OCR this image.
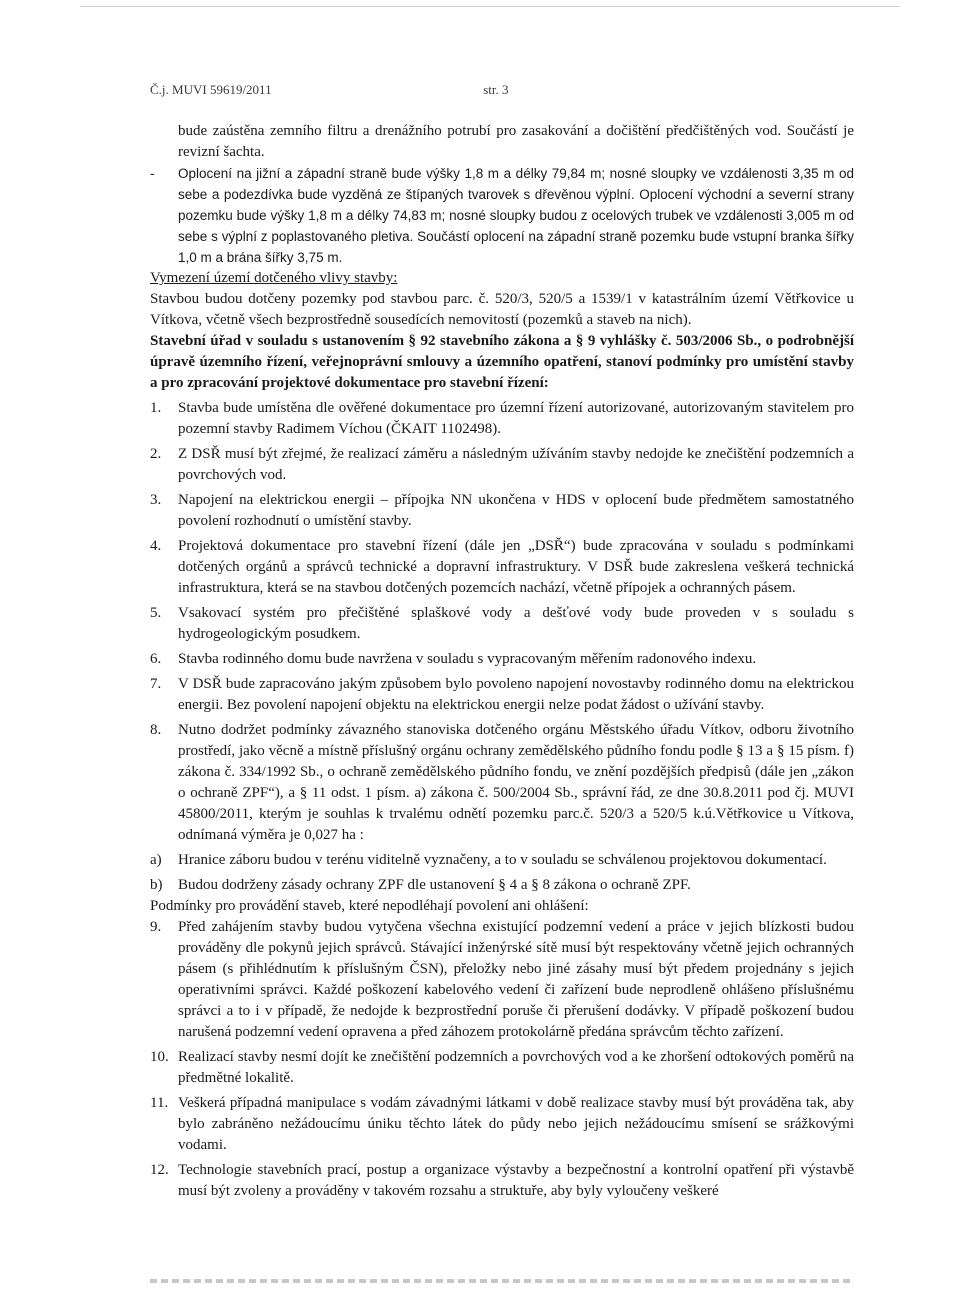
Č.j. MUVI 59619/2011	str. 3

bude zaústěna zemního filtru a drenážního potrubí pro zasakování a dočištění předčištěných vod. Součástí je revizní šachta.

- Oplocení na jižní a západní straně bude výšky 1,8 m a délky 79,84 m; nosné sloupky ve vzdálenosti 3,35 m od sebe a podezdívka bude vyzděná ze štípaných tvarovek s dřevěnou výplní. Oplocení východní a severní strany pozemku bude výšky 1,8 m a délky 74,83 m; nosné sloupky budou z ocelových trubek ve vzdálenosti 3,005 m od sebe s výplní z poplastovaného pletiva. Součástí oplocení na západní straně pozemku bude vstupní branka šířky 1,0 m a brána šířky 3,75 m.

Vymezení území dotčeného vlivy stavby:

Stavbou budou dotčeny pozemky pod stavbou parc. č. 520/3, 520/5 a 1539/1 v katastrálním území Větřkovice u Vítkova, včetně všech bezprostředně sousedících nemovitostí (pozemků a staveb na nich).

Stavební úřad v souladu s ustanovením § 92 stavebního zákona a § 9 vyhlášky č. 503/2006 Sb., o podrobnější úpravě územního řízení, veřejnoprávní smlouvy a územního opatření, stanoví podmínky pro umístění stavby a pro zpracování projektové dokumentace pro stavební řízení:

1. Stavba bude umístěna dle ověřené dokumentace pro územní řízení autorizované, autorizovaným stavitelem pro pozemní stavby Radimem Víchou (ČKAIT 1102498).
2. Z DSŘ musí být zřejmé, že realizací záměru a následným užíváním stavby nedojde ke znečištění podzemních a povrchových vod.
3. Napojení na elektrickou energii – přípojka NN ukončena v HDS v oplocení bude předmětem samostatného povolení rozhodnutí o umístění stavby.
4. Projektová dokumentace pro stavební řízení (dále jen „DSŘ“) bude zpracována v souladu s podmínkami dotčených orgánů a správců technické a dopravní infrastruktury. V DSŘ bude zakreslena veškerá technická infrastruktura, která se na stavbou dotčených pozemcích nachází, včetně přípojek a ochranných pásem.
5. Vsakovací systém pro přečištěné splaškové vody a dešťové vody bude proveden v s souladu s hydrogeologickým posudkem.
6. Stavba rodinného domu bude navržena v souladu s vypracovaným měřením radonového indexu.
7. V DSŘ bude zapracováno jakým způsobem bylo povoleno napojení novostavby rodinného domu na elektrickou energii. Bez povolení napojení objektu na elektrickou energii nelze podat žádost o užívání stavby.
8. Nutno dodržet podmínky závazného stanoviska dotčeného orgánu Městského úřadu Vítkov, odboru životního prostředí, jako věcně a místně příslušný orgánu ochrany zemědělského půdního fondu podle § 13 a § 15 písm. f) zákona č. 334/1992 Sb., o ochraně zemědělského půdního fondu, ve znění pozdějších předpisů (dále jen „zákon o ochraně ZPF“), a § 11 odst. 1 písm. a) zákona č. 500/2004 Sb., správní řád, ze dne 30.8.2011 pod čj. MUVI 45800/2011, kterým je souhlas k trvalému odnětí pozemku parc.č. 520/3 a 520/5 k.ú.Větřkovice u Vítkova, odnímaná výměra je 0,027 ha :
a) Hranice záboru budou v terénu viditelně vyznačeny, a to v souladu se schválenou projektovou dokumentací.
b) Budou dodrženy zásady ochrany ZPF dle ustanovení § 4 a § 8 zákona o ochraně ZPF.

Podmínky pro provádění staveb, které nepodléhají povolení ani ohlášení:

9. Před zahájením stavby budou vytyčena všechna existující podzemní vedení a práce v jejich blízkosti budou prováděny dle pokynů jejich správců. Stávající inženýrské sítě musí být respektovány včetně jejich ochranných pásem (s přihlédnutím k příslušným ČSN), přeložky nebo jiné zásahy musí být předem projednány s jejich operativními správci. Každé poškození kabelového vedení či zařízení bude neprodleně ohlášeno příslušnému správci a to i v případě, že nedojde k bezprostřední poruše či přerušení dodávky. V případě poškození budou narušená podzemní vedení opravena a před záhozem protokolárně předána správcům těchto zařízení.
10. Realizací stavby nesmí dojít ke znečištění podzemních a povrchových vod a ke zhoršení odtokových poměrů na předmětné lokalitě.
11. Veškerá případná manipulace s vodám závadnými látkami v době realizace stavby musí být prováděna tak, aby bylo zabráněno nežádoucímu úniku těchto látek do půdy nebo jejich nežádoucímu smísení se srážkovými vodami.
12. Technologie stavebních prací, postup a organizace výstavby a bezpečnostní a kontrolní opatření při výstavbě musí být zvoleny a prováděny v takovém rozsahu a struktuře, aby byly vyloučeny veškeré
